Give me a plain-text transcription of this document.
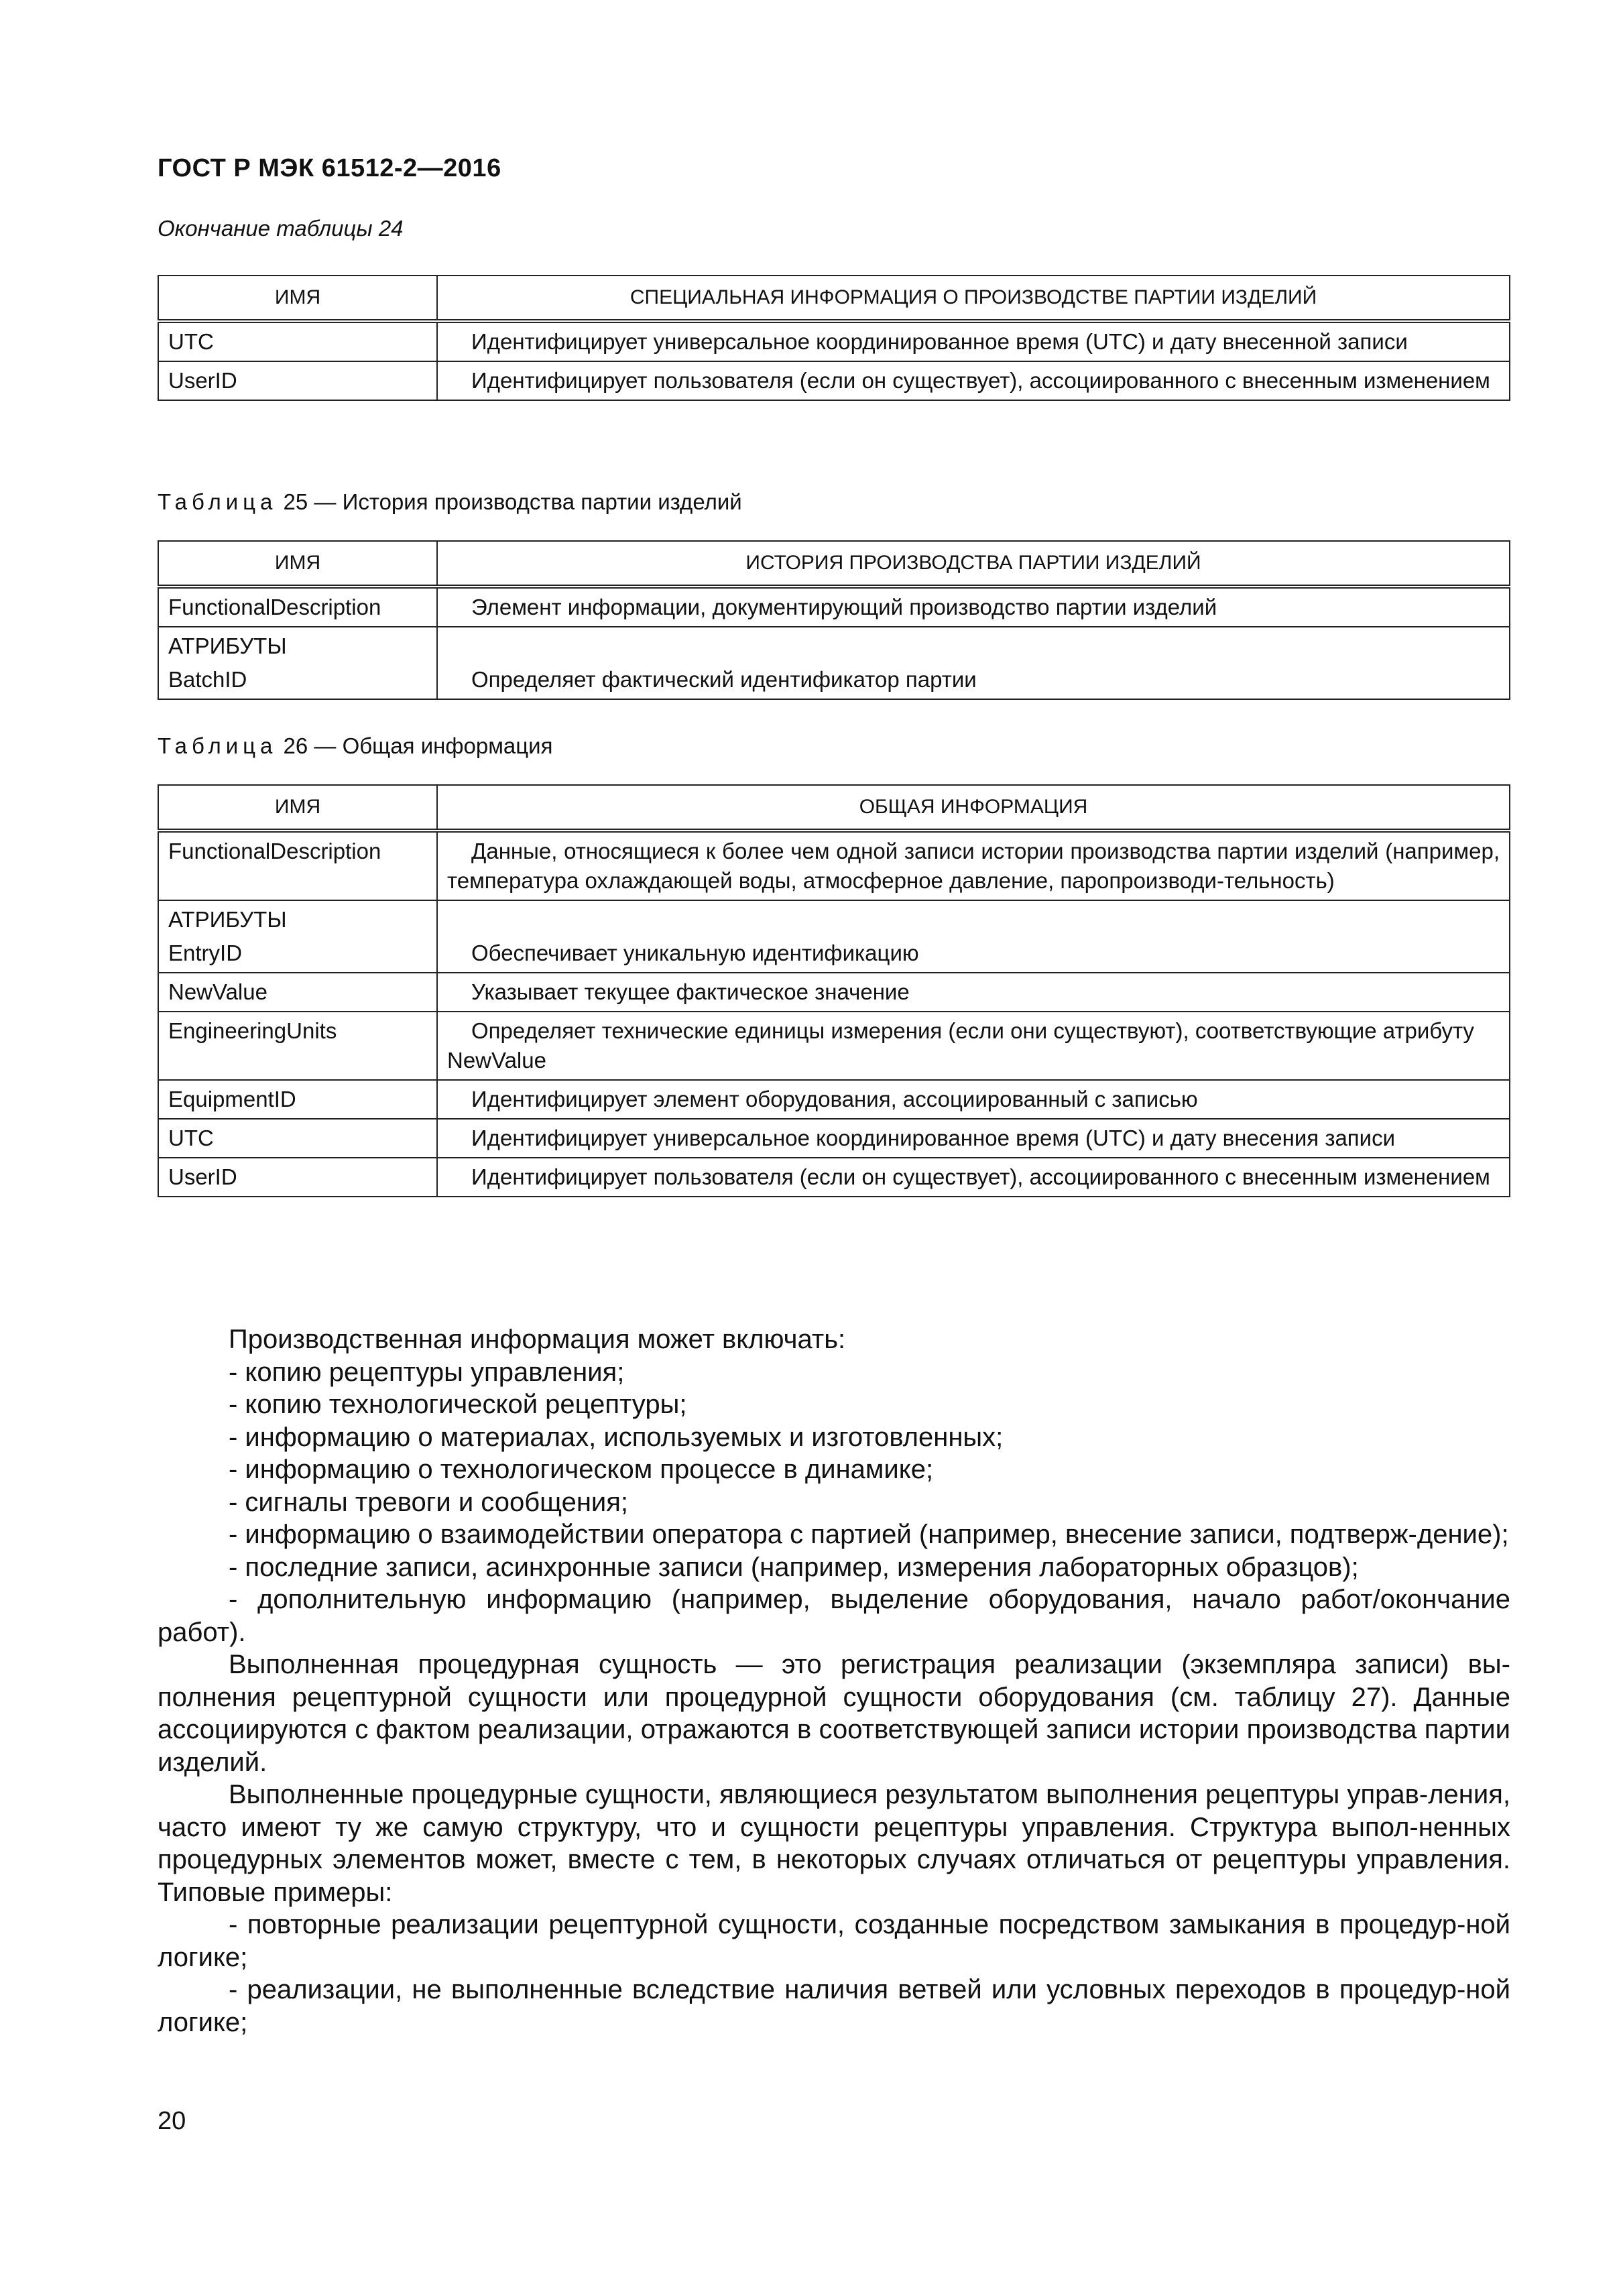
ГОСТ Р МЭК 61512-2—2016
Окончание таблицы 24
ИМЯ	СПЕЦИАЛЬНАЯ ИНФОРМАЦИЯ О ПРОИЗВОДСТВЕ ПАРТИИ ИЗДЕЛИЙ
UTC	Идентифицирует универсальное координированное время (UTC) и дату внесенной записи
UserID	Идентифицирует пользователя (если он существует), ассоциированного с внесенным изменением
Таблица 25 — История производства партии изделий
ИМЯ	ИСТОРИЯ ПРОИЗВОДСТВА ПАРТИИ ИЗДЕЛИЙ
FunctionalDescription	Элемент информации, документирующий производство партии изделий
АТРИБУТЫ	
BatchID	Определяет фактический идентификатор партии
Таблица 26 — Общая информация
ИМЯ	ОБЩАЯ ИНФОРМАЦИЯ
FunctionalDescription	Данные, относящиеся к более чем одной записи истории производства партии изделий (например, температура охлаждающей воды, атмосферное давление, паропроизводи-тельность)
АТРИБУТЫ	
EntryID	Обеспечивает уникальную идентификацию
NewValue	Указывает текущее фактическое значение
EngineeringUnits	Определяет технические единицы измерения (если они существуют), соответствующие атрибуту NewValue
EquipmentID	Идентифицирует элемент оборудования, ассоциированный с записью
UTC	Идентифицирует универсальное координированное время (UTC) и дату внесения записи
UserID	Идентифицирует пользователя (если он существует), ассоциированного с внесенным изменением

Производственная информация может включать:

- копию рецептуры управления;

- копию технологической рецептуры;

- информацию о материалах, используемых и изготовленных;

- информацию о технологическом процессе в динамике;

- сигналы тревоги и сообщения;

- информацию о взаимодействии оператора с партией (например, внесение записи, подтверж-дение);

- последние записи, асинхронные записи (например, измерения лабораторных образцов);

- дополнительную информацию (например, выделение оборудования, начало работ/окончание работ).

Выполненная процедурная сущность — это регистрация реализации (экземпляра записи) вы-полнения рецептурной сущности или процедурной сущности оборудования (см. таблицу 27). Данные ассоциируются с фактом реализации, отражаются в соответствующей записи истории производства партии изделий.

Выполненные процедурные сущности, являющиеся результатом выполнения рецептуры управ-ления, часто имеют ту же самую структуру, что и сущности рецептуры управления. Структура выпол-ненных процедурных элементов может, вместе с тем, в некоторых случаях отличаться от рецептуры управления. Типовые примеры:

- повторные реализации рецептурной сущности, созданные посредством замыкания в процедур-ной логике;

- реализации, не выполненные вследствие наличия ветвей или условных переходов в процедур-ной логике;

20
